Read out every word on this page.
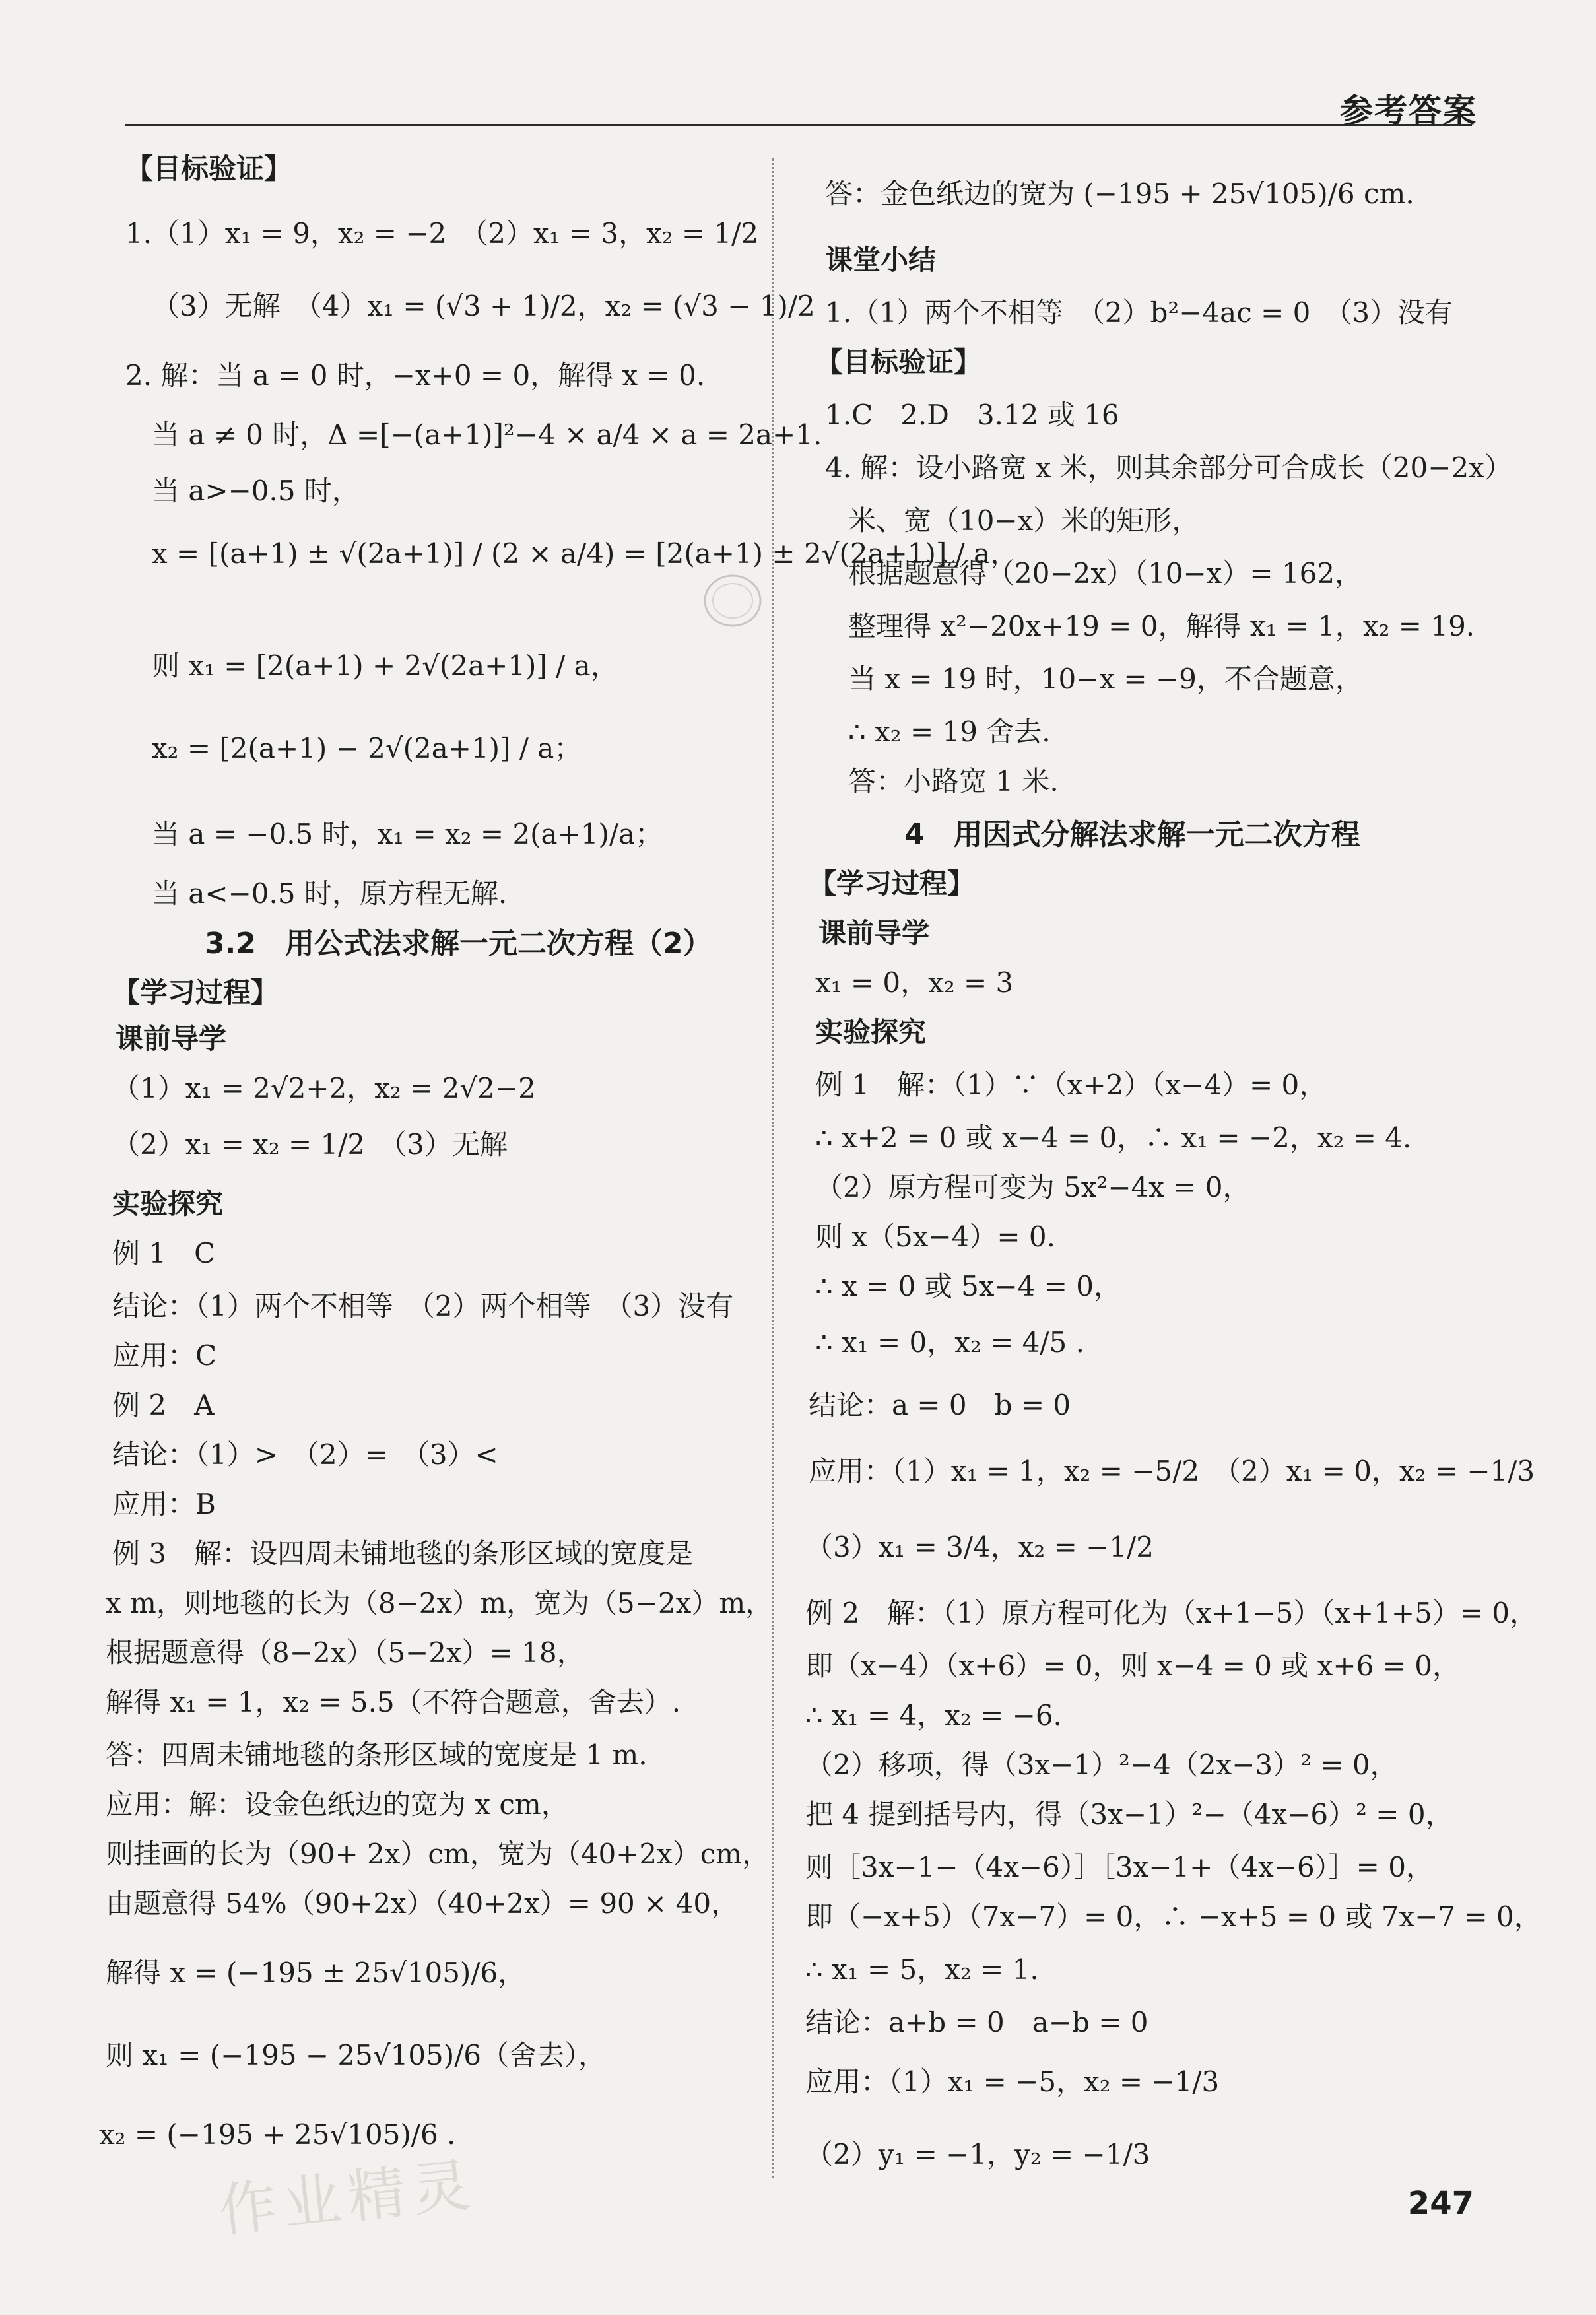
参考答案
【目标验证】
1.（1）x₁ = 9，x₂ = −2　（2）x₁ = 3，x₂ = 1/2
（3）无解　（4）x₁ = (√3 + 1)/2，x₂ = (√3 − 1)/2
2. 解：当 a = 0 时，−x+0 = 0，解得 x = 0.
当 a ≠ 0 时，Δ =[−(a+1)]²−4 × a/4 × a = 2a+1.
当 a>−0.5 时，
x = [(a+1) ± √(2a+1)] / (2 × a/4) = [2(a+1) ± 2√(2a+1)] / a，
则 x₁ = [2(a+1) + 2√(2a+1)] / a，
x₂ = [2(a+1) − 2√(2a+1)] / a；
当 a = −0.5 时，x₁ = x₂ = 2(a+1)/a；
当 a<−0.5 时，原方程无解.
3.2　用公式法求解一元二次方程（2）
【学习过程】
课前导学
（1）x₁ = 2√2+2，x₂ = 2√2−2
（2）x₁ = x₂ = 1/2　（3）无解
实验探究
例 1　C
结论：（1）两个不相等　（2）两个相等　（3）没有
应用：C
例 2　A
结论：（1）>　（2）=　（3）<
应用：B
例 3　解：设四周未铺地毯的条形区域的宽度是
x m，则地毯的长为（8−2x）m，宽为（5−2x）m，
根据题意得（8−2x）（5−2x）= 18，
解得 x₁ = 1，x₂ = 5.5（不符合题意，舍去）.
答：四周未铺地毯的条形区域的宽度是 1 m.
应用：解：设金色纸边的宽为 x cm，
则挂画的长为（90+ 2x）cm，宽为（40+2x）cm，
由题意得 54%（90+2x）（40+2x）= 90 × 40，
解得 x = (−195 ± 25√105)/6，
则 x₁ = (−195 − 25√105)/6（舍去），
x₂ = (−195 + 25√105)/6 .
答：金色纸边的宽为 (−195 + 25√105)/6 cm.
课堂小结
1.（1）两个不相等　（2）b²−4ac = 0　（3）没有
【目标验证】
1.C　2.D　3.12 或 16
4. 解：设小路宽 x 米，则其余部分可合成长（20−2x）
米、宽（10−x）米的矩形，
根据题意得（20−2x）（10−x）= 162，
整理得 x²−20x+19 = 0，解得 x₁ = 1，x₂ = 19.
当 x = 19 时，10−x = −9，不合题意，
∴ x₂ = 19 舍去.
答：小路宽 1 米.
4　用因式分解法求解一元二次方程
【学习过程】
课前导学
x₁ = 0，x₂ = 3
实验探究
例 1　解：（1）∵（x+2）（x−4）= 0，
∴ x+2 = 0 或 x−4 = 0，∴ x₁ = −2，x₂ = 4.
（2）原方程可变为 5x²−4x = 0，
则 x（5x−4）= 0.
∴ x = 0 或 5x−4 = 0，
∴ x₁ = 0，x₂ = 4/5 .
结论：a = 0　b = 0
应用：（1）x₁ = 1，x₂ = −5/2　（2）x₁ = 0，x₂ = −1/3
（3）x₁ = 3/4，x₂ = −1/2
例 2　解：（1）原方程可化为（x+1−5）（x+1+5）= 0，
即（x−4）（x+6）= 0，则 x−4 = 0 或 x+6 = 0，
∴ x₁ = 4，x₂ = −6.
（2）移项，得（3x−1）²−4（2x−3）² = 0，
把 4 提到括号内，得（3x−1）²−（4x−6）² = 0，
则［3x−1−（4x−6）］［3x−1+（4x−6）］= 0，
即（−x+5）（7x−7）= 0，∴ −x+5 = 0 或 7x−7 = 0，
∴ x₁ = 5，x₂ = 1.
结论：a+b = 0　a−b = 0
应用：（1）x₁ = −5，x₂ = −1/3
（2）y₁ = −1，y₂ = −1/3
作业精灵	247
